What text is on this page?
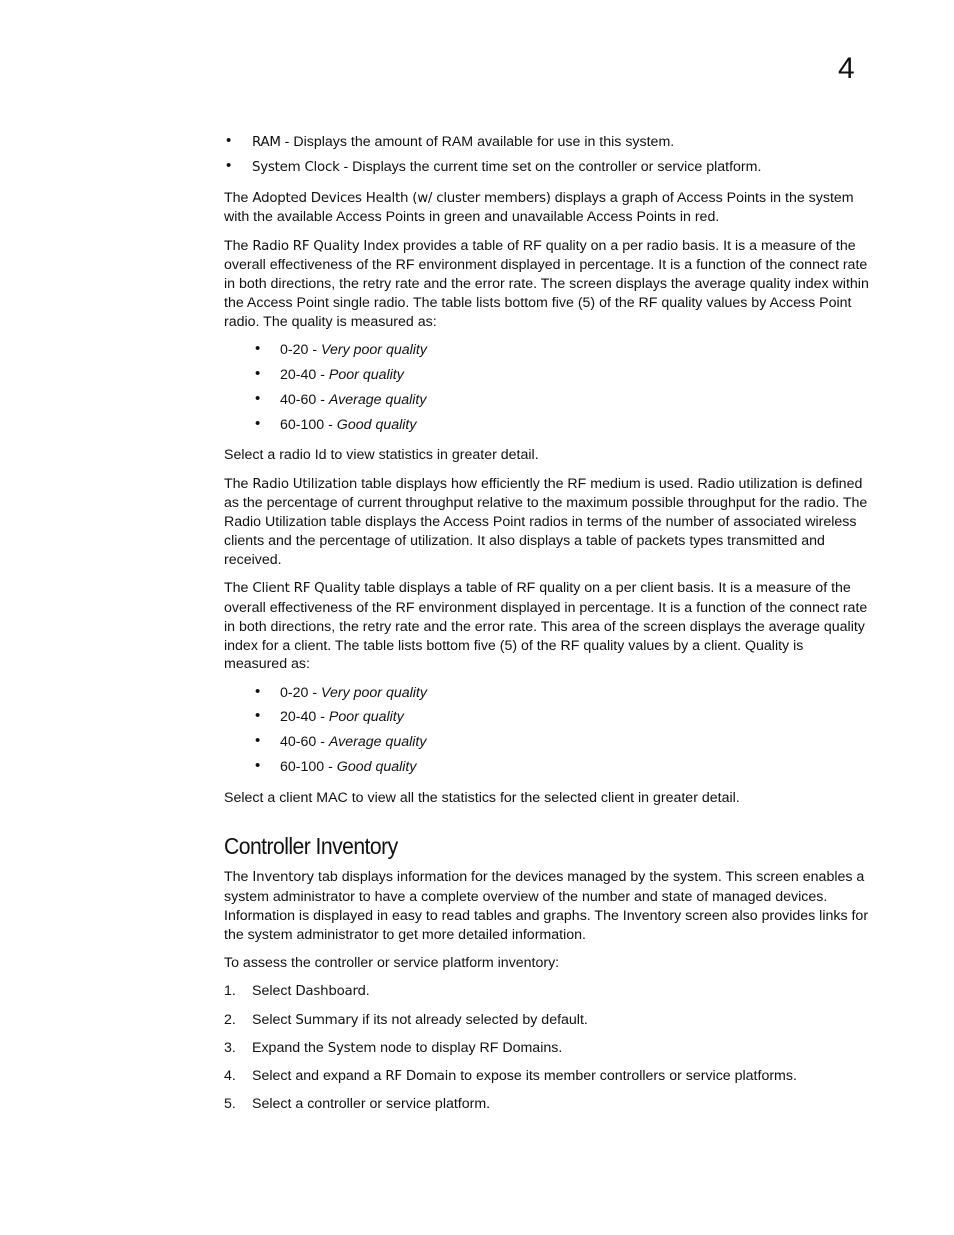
4
• RAM - Displays the amount of RAM available for use in this system.
• System Clock - Displays the current time set on the controller or service platform.

The Adopted Devices Health (w/ cluster members) displays a graph of Access Points in the system with the available Access Points in green and unavailable Access Points in red.

The Radio RF Quality Index provides a table of RF quality on a per radio basis. It is a measure of the overall effectiveness of the RF environment displayed in percentage. It is a function of the connect rate in both directions, the retry rate and the error rate. The screen displays the average quality index within the Access Point single radio. The table lists bottom five (5) of the RF quality values by Access Point radio. The quality is measured as:

• 0-20 - Very poor quality
• 20-40 - Poor quality
• 40-60 - Average quality
• 60-100 - Good quality

Select a radio Id to view statistics in greater detail.

The Radio Utilization table displays how efficiently the RF medium is used. Radio utilization is defined as the percentage of current throughput relative to the maximum possible throughput for the radio. The Radio Utilization table displays the Access Point radios in terms of the number of associated wireless clients and the percentage of utilization. It also displays a table of packets types transmitted and received.

The Client RF Quality table displays a table of RF quality on a per client basis. It is a measure of the overall effectiveness of the RF environment displayed in percentage. It is a function of the connect rate in both directions, the retry rate and the error rate. This area of the screen displays the average quality index for a client. The table lists bottom five (5) of the RF quality values by a client. Quality is measured as:

• 0-20 - Very poor quality
• 20-40 - Poor quality
• 40-60 - Average quality
• 60-100 - Good quality

Select a client MAC to view all the statistics for the selected client in greater detail.

Controller Inventory

The Inventory tab displays information for the devices managed by the system. This screen enables a system administrator to have a complete overview of the number and state of managed devices. Information is displayed in easy to read tables and graphs. The Inventory screen also provides links for the system administrator to get more detailed information.

To assess the controller or service platform inventory:

1. Select Dashboard.
2. Select Summary if its not already selected by default.
3. Expand the System node to display RF Domains.
4. Select and expand a RF Domain to expose its member controllers or service platforms.
5. Select a controller or service platform.
